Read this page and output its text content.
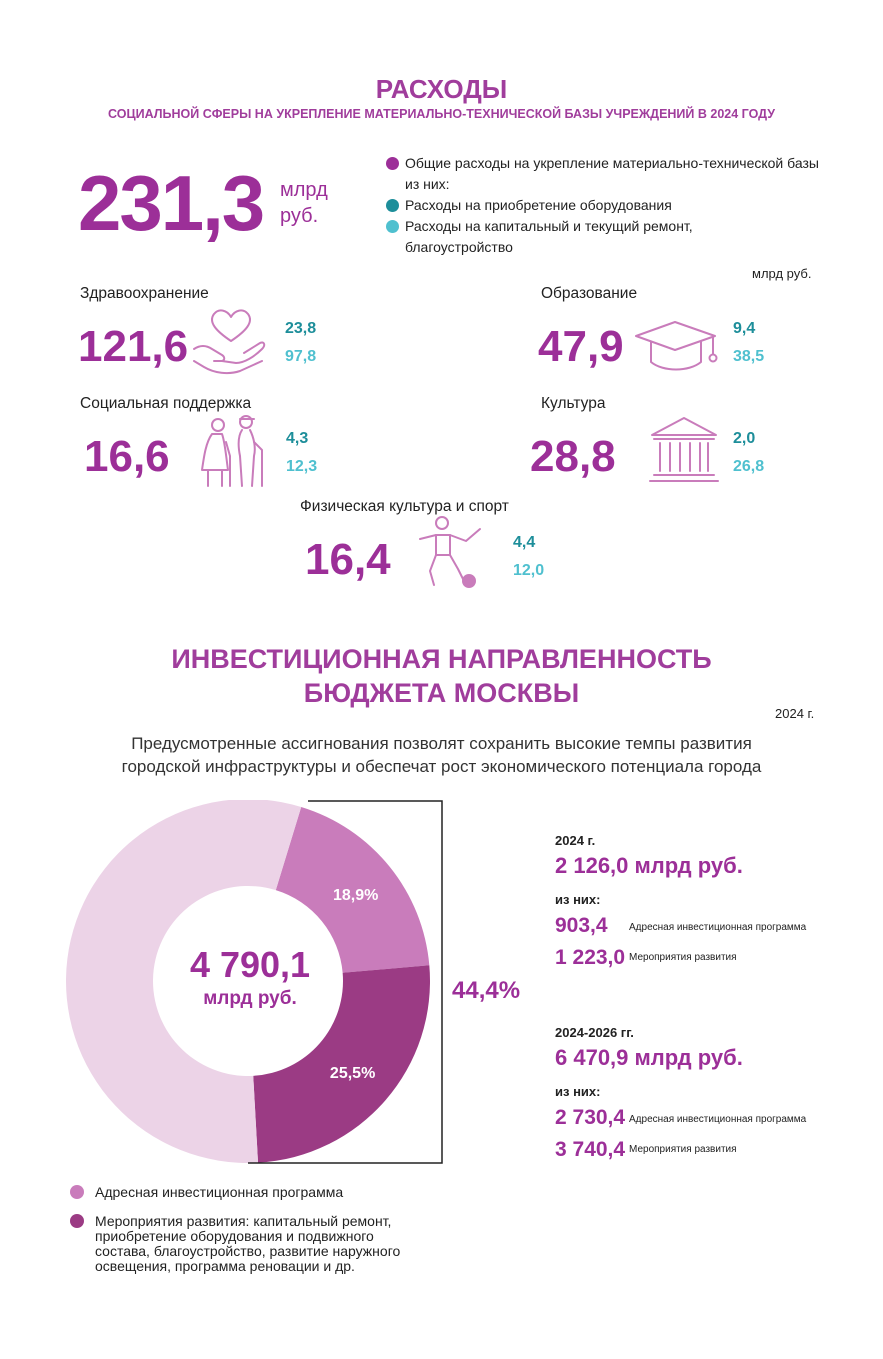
РАСХОДЫ
СОЦИАЛЬНОЙ СФЕРЫ НА УКРЕПЛЕНИЕ МАТЕРИАЛЬНО-ТЕХНИЧЕСКОЙ БАЗЫ УЧРЕЖДЕНИЙ В 2024 ГОДУ
231,3 млрд
руб.
Общие расходы на укрепление материально-технической базы
из них:
Расходы на приобретение оборудования
Расходы на капитальный и текущий ремонт,
благоустройство
млрд руб.
Здравоохранение
121,6	23,8
97,8
Образование
47,9	9,4
38,5
Социальная поддержка
16,6	4,3
12,3
Культура
28,8	2,0
26,8
Физическая культура и спорт
16,4	4,4
12,0
ИНВЕСТИЦИОННАЯ НАПРАВЛЕННОСТЬ
БЮДЖЕТА МОСКВЫ
2024 г.
Предусмотренные ассигнования позволят сохранить высокие темпы развития
городской инфраструктуры и обеспечат рост экономического потенциала города
18,9%
25,5%
4 790,1
млрд руб.	44,4%
2024 г.
2 126,0 млрд руб.
из них:
903,4 Адресная инвестиционная программа
1 223,0 Мероприятия развития
2024-2026 гг.
6 470,9 млрд руб.
из них:
2 730,4 Адресная инвестиционная программа
3 740,4 Мероприятия развития
Адресная инвестиционная программа
Мероприятия развития: капитальный ремонт,
приобретение оборудования и подвижного
состава, благоустройство, развитие наружного
освещения, программа реновации и др.
